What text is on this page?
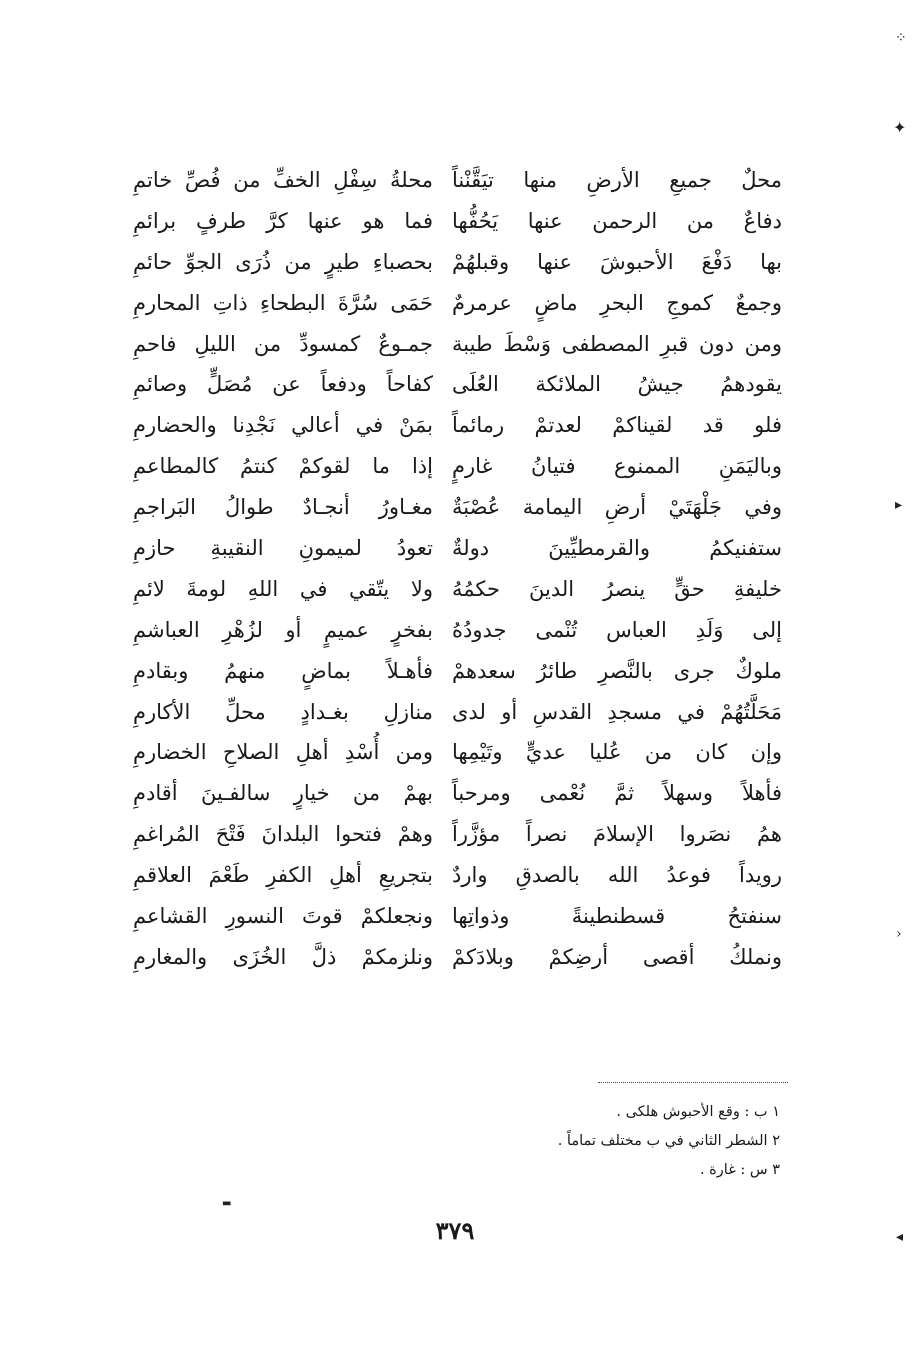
محلٌ جميعِ الأرضِ منها تيَقَّنْناً
دفاعٌ من الرحمن عنها يَحُفُّها
بها دَفْعَ الأحبوشَ عنها وقبلهُمْ
وجمعٌ كموجِ البحرِ ماضٍ عرمرمٌ
ومن دون قبرِ المصطفى وَسْطَ طيبة
يقودهمُ جيشُ الملائكة العُلَى
فلو قد لقيناكمْ لعدتمْ رمائماً
وباليَمَنِ الممنوع فتيانُ غارمٍ
وفي جَلْهَتَيْ أرضِ اليمامة عُصْبَةٌ
ستفنيكمُ والقرمطيِّينَ دولةٌ
خليفةِ حقٍّ ينصرُ الدينَ حكمُهُ
إلى وَلَدِ العباس تُنْمى جدودُهُ
ملوكٌ جرى بالنَّصرِ طائرُ سعدهمْ
مَحَلَّتُهُمْ في مسجدِ القدسِ أو لدى
وإن كان من عُليا عديٍّ وتَيْمِها
فأهلاً وسهلاً ثمَّ نُعْمى ومرحباً
همُ نصَروا الإسلامَ نصراً مؤزَّراً
رويداً فوعدُ الله بالصدقِ واردٌ
سنفتحُ قسطنطينةً وذواتِها
ونملكُ أقصى أرضِكمْ وبلادَكمْ
محلةُ سِفْلِ الخفِّ من فُصِّ خاتمِ
فما هو عنها كرَّ طرفٍ برائمِ
بحصباءِ طيرٍ من ذُرَى الجوِّ حائمِ
حَمَى سُرَّةَ البطحاءِ ذاتِ المحارمِ
جمـوعٌ كمسودِّ من الليلِ فاحمِ
كفاحاً ودفعاً عن مُصَلٍّ وصائمِ
بمَنْ في أعالي نَجْدِنا والحضارمِ
إذا ما لقوكمْ كنتمُ كالمطاعمِ
مغـاورُ أنجـادٌ طوالُ البَراجمِ
تعودُ لميمونِ النقيبةِ حازمِ
ولا يتّقي في اللهِ لومةَ لائمِ
بفخرٍ عميمٍ أو لزُهْرِ العباشمِ
فأهـلاً بماضٍ منهمُ وبقادمِ
منازلِ بغـدادٍ محلِّ الأكارمِ
ومن أُسْدِ أهلِ الصلاحِ الخضارمِ
بهمْ من خيارٍ سالفـينَ أقادمِ
وهمْ فتحوا البلدانَ فَتْحَ المُراغمِ
بتجريعِ أهلِ الكفرِ طَعْمَ العلاقمِ
ونجعلكمْ قوتَ النسورِ القشاعمِ
ونلزمكمْ ذلَّ الخُزَى والمغارمِ
١ ب : وقع الأحبوش هلكى .
٢ الشطر الثاني في ب مختلف تماماً .
٣ س : غارة .
٣٧٩
⁘
✦
▸
›
◂
▬
